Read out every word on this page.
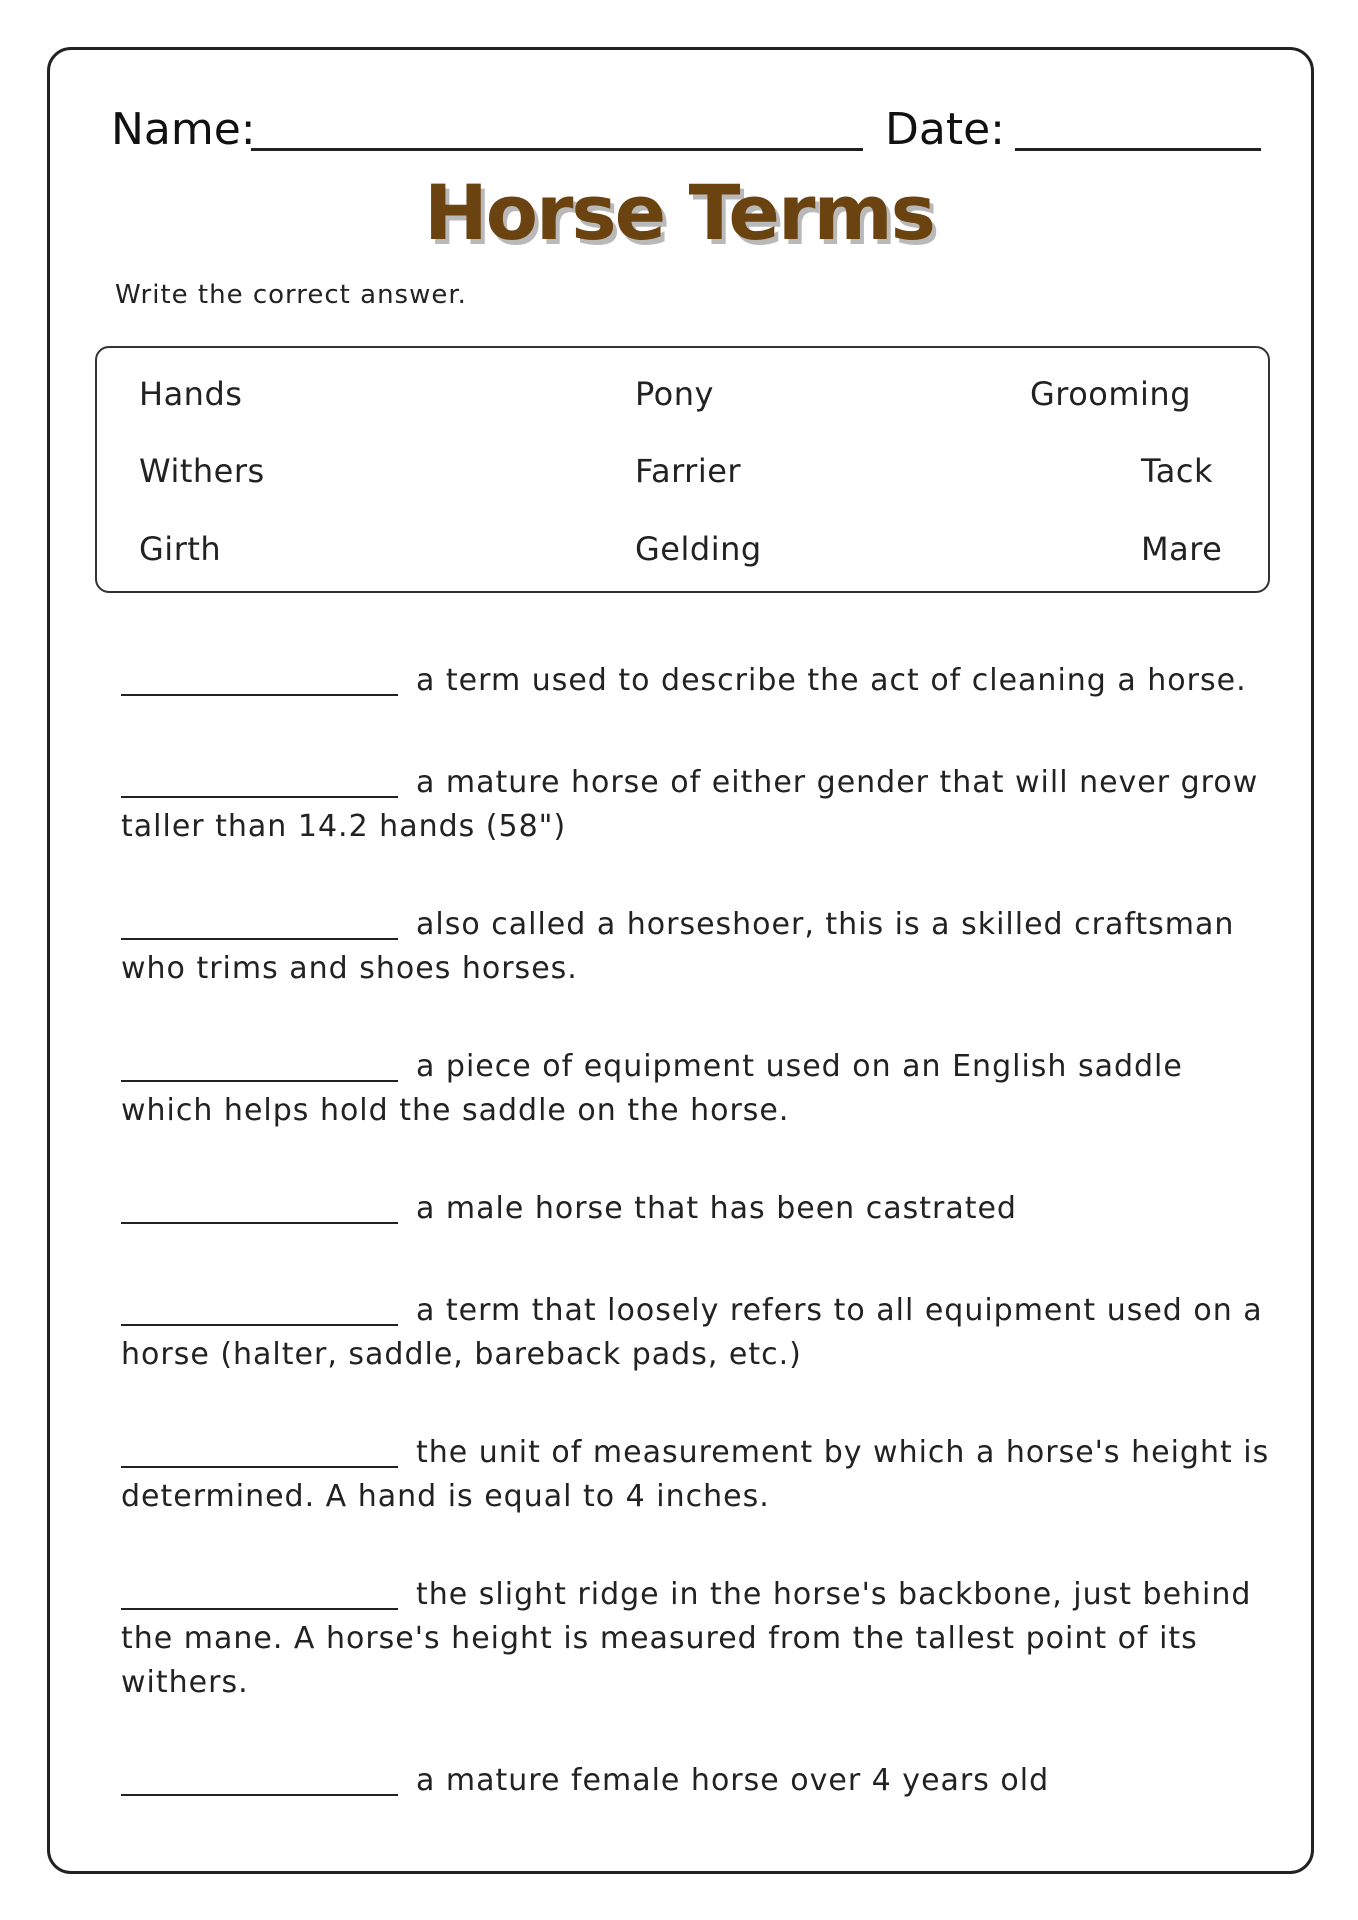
Name:	Date:
Horse Terms
Write the correct answer.
Hands	Pony	Grooming
Withers	Farrier	Tack
Girth	Gelding	Mare
a term used to describe the act of cleaning a horse.
a mature horse of either gender that will never grow taller than 14.2 hands (58")
also called a horseshoer, this is a skilled craftsman who trims and shoes horses.
a piece of equipment used on an English saddle which helps hold the saddle on the horse.
a male horse that has been castrated
a term that loosely refers to all equipment used on a horse (halter, saddle, bareback pads, etc.)
the unit of measurement by which a horse's height is determined. A hand is equal to 4 inches.
the slight ridge in the horse's backbone, just behind the mane. A horse's height is measured from the tallest point of its withers.
a mature female horse over 4 years old
